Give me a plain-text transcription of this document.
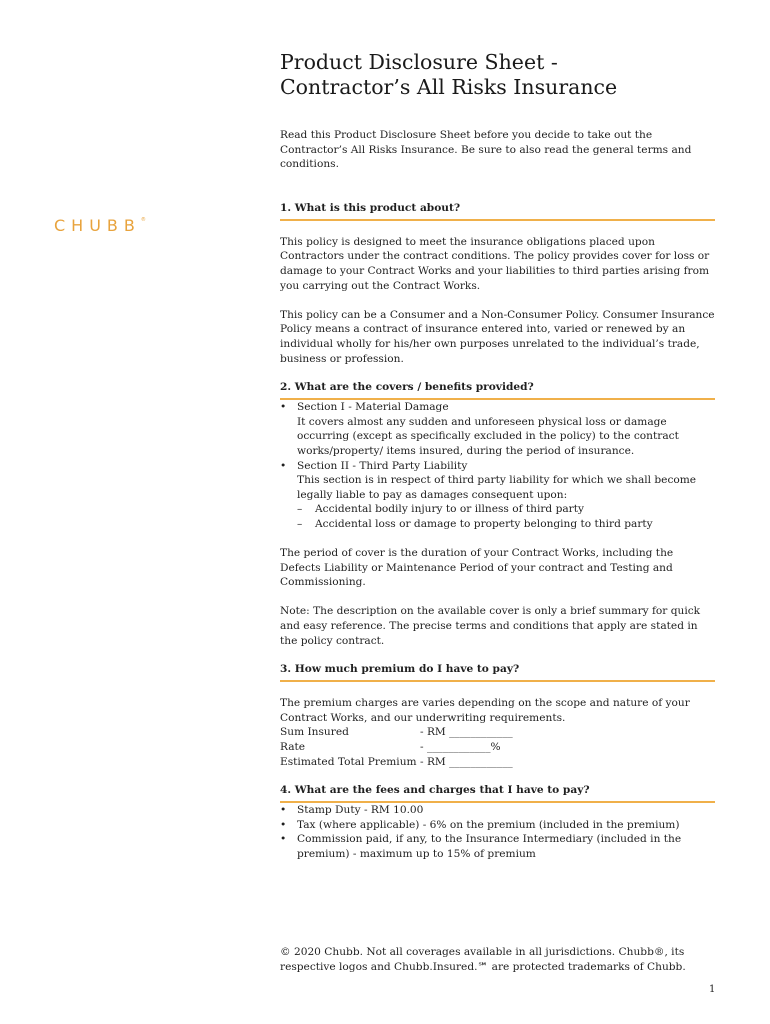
CHUBB®
Product Disclosure Sheet -
Contractor’s All Risks Insurance

Read this Product Disclosure Sheet before you decide to take out the Contractor’s All Risks Insurance. Be sure to also read the general terms and conditions.

1. What is this product about?

This policy is designed to meet the insurance obligations placed upon Contractors under the contract conditions. The policy provides cover for loss or damage to your Contract Works and your liabilities to third parties arising from you carrying out the Contract Works.

This policy can be a Consumer and a Non-Consumer Policy. Consumer Insurance Policy means a contract of insurance entered into, varied or renewed by an individual wholly for his/her own purposes unrelated to the individual’s trade, business or profession.

2. What are the covers / benefits provided?
• Section I - Material Damage
It covers almost any sudden and unforeseen physical loss or damage occurring (except as specifically excluded in the policy) to the contract works/property/ items insured, during the period of insurance.
• Section II - Third Party Liability
This section is in respect of third party liability for which we shall become legally liable to pay as damages consequent upon:
– Accidental bodily injury to or illness of third party
– Accidental loss or damage to property belonging to third party

The period of cover is the duration of your Contract Works, including the Defects Liability or Maintenance Period of your contract and Testing and Commissioning.

Note: The description on the available cover is only a brief summary for quick and easy reference. The precise terms and conditions that apply are stated in the policy contract.

3. How much premium do I have to pay?

The premium charges are varies depending on the scope and nature of your Contract Works, and our underwriting requirements.

Sum Insured	- RM ____________

Rate	- ____________%

Estimated Total Premium - RM ____________

4. What are the fees and charges that I have to pay?
• Stamp Duty - RM 10.00
• Tax (where applicable) - 6% on the premium (included in the premium)
• Commission paid, if any, to the Insurance Intermediary (included in the premium) - maximum up to 15% of premium

© 2020 Chubb. Not all coverages available in all jurisdictions. Chubb®, its respective logos and Chubb.Insured.℠ are protected trademarks of Chubb.

1
